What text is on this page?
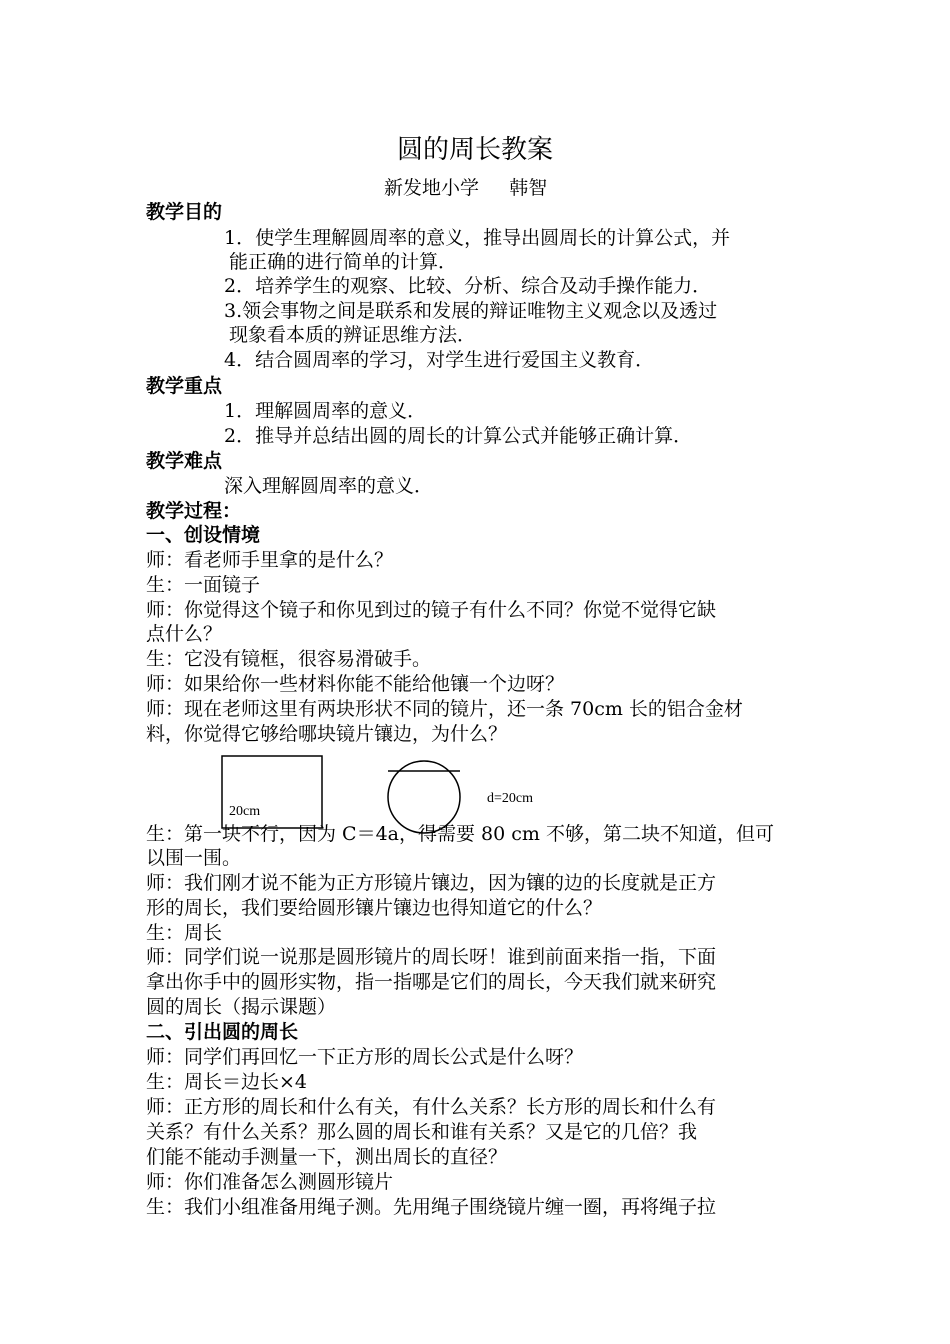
圆的周长教案
新发地小学     韩智
教学目的
1．使学生理解圆周率的意义，推导出圆周长的计算公式，并
能正确的进行简单的计算．
2．培养学生的观察、比较、分析、综合及动手操作能力．
3.领会事物之间是联系和发展的辩证唯物主义观念以及透过
现象看本质的辨证思维方法．
4．结合圆周率的学习，对学生进行爱国主义教育．
教学重点
1．理解圆周率的意义．
2．推导并总结出圆的周长的计算公式并能够正确计算．
教学难点
深入理解圆周率的意义．
教学过程：
一、创设情境
师：看老师手里拿的是什么？
生：一面镜子
师：你觉得这个镜子和你见到过的镜子有什么不同？你觉不觉得它缺
点什么？
生：它没有镜框，很容易滑破手。
师：如果给你一些材料你能不能给他镶一个边呀？
师：现在老师这里有两块形状不同的镜片，还一条 70cm 长的铝合金材
料，你觉得它够给哪块镜片镶边，为什么？
20cm
d=20cm
生：第一块不行，因为 C＝4a，得需要 80 cm 不够，第二块不知道，但可
以围一围。
师：我们刚才说不能为正方形镜片镶边，因为镶的边的长度就是正方
形的周长，我们要给圆形镶片镶边也得知道它的什么？
生：周长
师：同学们说一说那是圆形镜片的周长呀！谁到前面来指一指，下面
拿出你手中的圆形实物，指一指哪是它们的周长，今天我们就来研究
圆的周长（揭示课题）
二、引出圆的周长
师：同学们再回忆一下正方形的周长公式是什么呀？
生：周长＝边长×4
师：正方形的周长和什么有关，有什么关系？长方形的周长和什么有
关系？有什么关系？那么圆的周长和谁有关系？又是它的几倍？我
们能不能动手测量一下，测出周长的直径？
师：你们准备怎么测圆形镜片
生：我们小组准备用绳子测。先用绳子围绕镜片缠一圈，再将绳子拉
